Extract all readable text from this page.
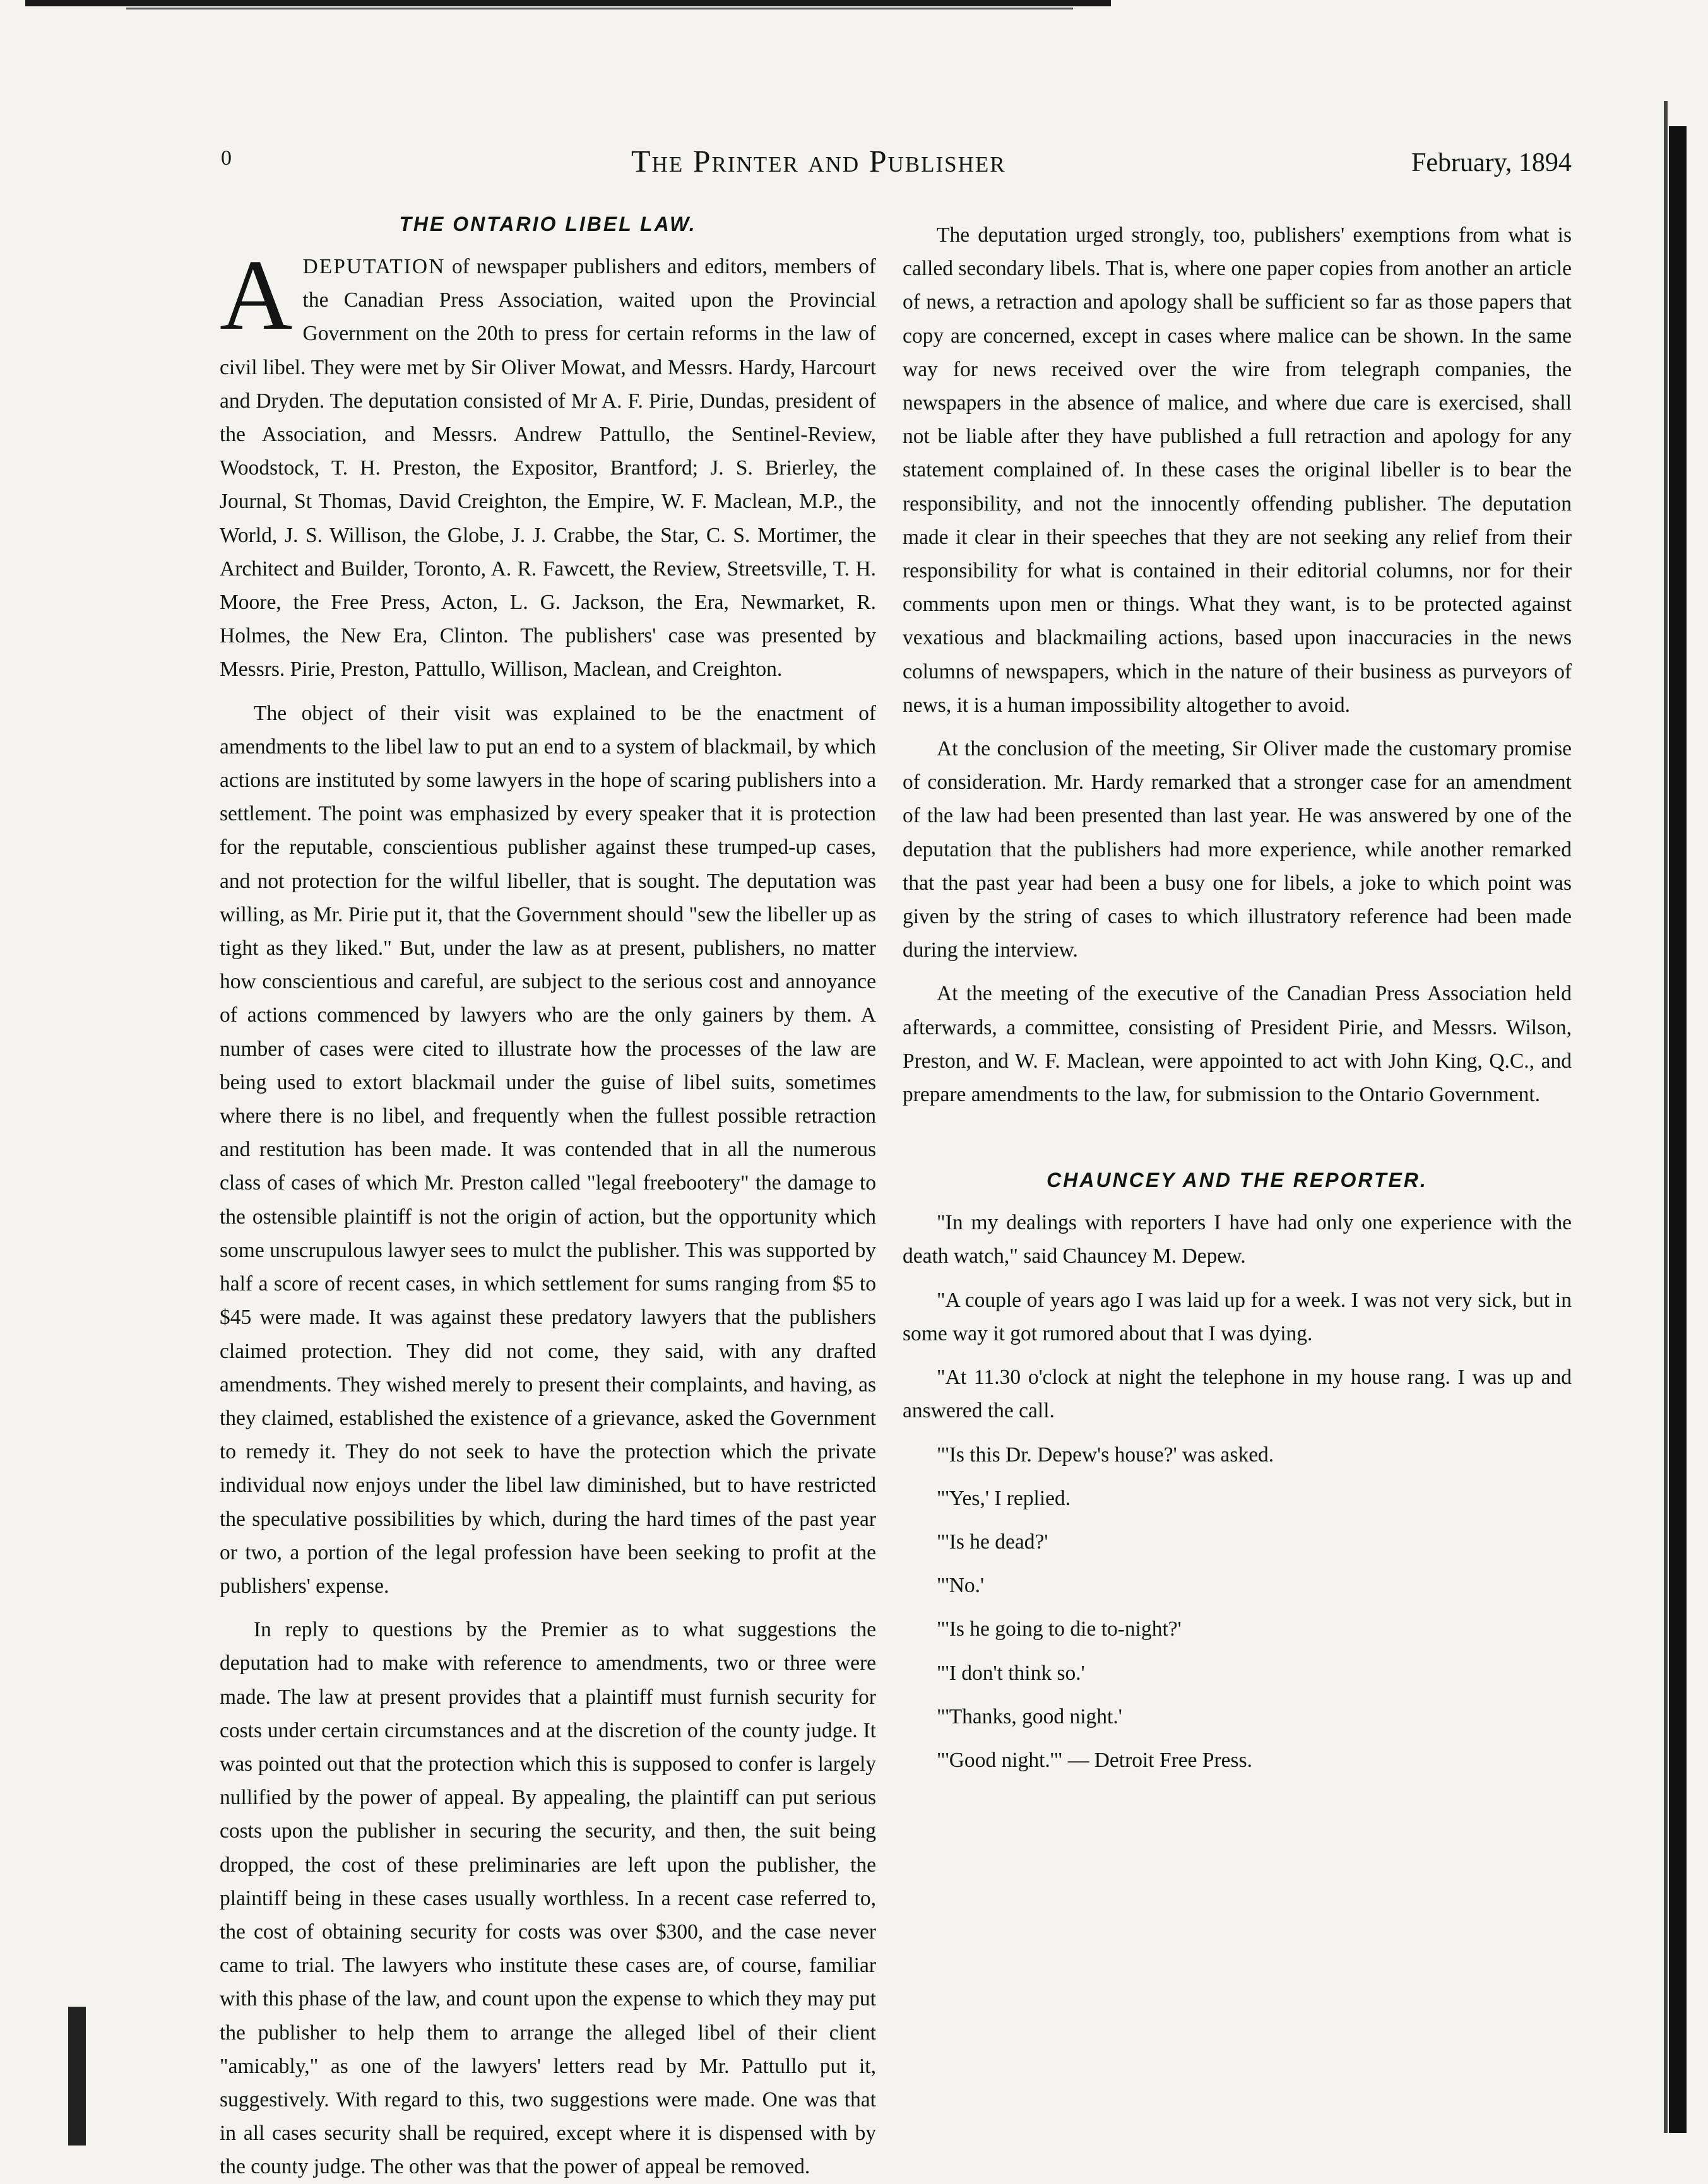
0	The Printer and Publisher	February, 1894
THE ONTARIO LIBEL LAW.

ADEPUTATION of newspaper publishers and editors, members of the Canadian Press Association, waited upon the Provincial Government on the 20th to press for certain reforms in the law of civil libel. They were met by Sir Oliver Mowat, and Messrs. Hardy, Harcourt and Dryden. The deputation consisted of Mr A. F. Pirie, Dundas, president of the Association, and Messrs. Andrew Pattullo, the Sentinel-Review, Woodstock, T. H. Preston, the Expositor, Brantford; J. S. Brierley, the Journal, St Thomas, David Creighton, the Empire, W. F. Maclean, M.P., the World, J. S. Willison, the Globe, J. J. Crabbe, the Star, C. S. Mortimer, the Architect and Builder, Toronto, A. R. Fawcett, the Review, Streetsville, T. H. Moore, the Free Press, Acton, L. G. Jackson, the Era, Newmarket, R. Holmes, the New Era, Clinton. The publishers' case was presented by Messrs. Pirie, Preston, Pattullo, Willison, Maclean, and Creighton.

The object of their visit was explained to be the enactment of amendments to the libel law to put an end to a system of blackmail, by which actions are instituted by some lawyers in the hope of scaring publishers into a settlement. The point was emphasized by every speaker that it is protection for the reputable, conscientious publisher against these trumped-up cases, and not protection for the wilful libeller, that is sought. The deputation was willing, as Mr. Pirie put it, that the Government should "sew the libeller up as tight as they liked." But, under the law as at present, publishers, no matter how conscientious and careful, are subject to the serious cost and annoyance of actions commenced by lawyers who are the only gainers by them. A number of cases were cited to illustrate how the processes of the law are being used to extort blackmail under the guise of libel suits, sometimes where there is no libel, and frequently when the fullest possible retraction and restitution has been made. It was contended that in all the numerous class of cases of which Mr. Preston called "legal freebootery" the damage to the ostensible plaintiff is not the origin of action, but the opportunity which some unscrupulous lawyer sees to mulct the publisher. This was supported by half a score of recent cases, in which settlement for sums ranging from $5 to $45 were made. It was against these predatory lawyers that the publishers claimed protection. They did not come, they said, with any drafted amendments. They wished merely to present their complaints, and having, as they claimed, established the existence of a grievance, asked the Government to remedy it. They do not seek to have the protection which the private individual now enjoys under the libel law diminished, but to have restricted the speculative possibilities by which, during the hard times of the past year or two, a portion of the legal profession have been seeking to profit at the publishers' expense.

In reply to questions by the Premier as to what suggestions the deputation had to make with reference to amendments, two or three were made. The law at present provides that a plaintiff must furnish security for costs under certain circumstances and at the discretion of the county judge. It was pointed out that the protection which this is supposed to confer is largely nullified by the power of appeal. By appealing, the plaintiff can put serious costs upon the publisher in securing the security, and then, the suit being dropped, the cost of these preliminaries are left upon the publisher, the plaintiff being in these cases usually worthless. In a recent case referred to, the cost of obtaining security for costs was over $300, and the case never came to trial. The lawyers who institute these cases are, of course, familiar with this phase of the law, and count upon the expense to which they may put the publisher to help them to arrange the alleged libel of their client "amicably," as one of the lawyers' letters read by Mr. Pattullo put it, suggestively. With regard to this, two suggestions were made. One was that in all cases security shall be required, except where it is dispensed with by the county judge. The other was that the power of appeal be removed.

The deputation urged strongly, too, publishers' exemptions from what is called secondary libels. That is, where one paper copies from another an article of news, a retraction and apology shall be sufficient so far as those papers that copy are concerned, except in cases where malice can be shown. In the same way for news received over the wire from telegraph companies, the newspapers in the absence of malice, and where due care is exercised, shall not be liable after they have published a full retraction and apology for any statement complained of. In these cases the original libeller is to bear the responsibility, and not the innocently offending publisher. The deputation made it clear in their speeches that they are not seeking any relief from their responsibility for what is contained in their editorial columns, nor for their comments upon men or things. What they want, is to be protected against vexatious and blackmailing actions, based upon inaccuracies in the news columns of newspapers, which in the nature of their business as purveyors of news, it is a human impossibility altogether to avoid.

At the conclusion of the meeting, Sir Oliver made the customary promise of consideration. Mr. Hardy remarked that a stronger case for an amendment of the law had been presented than last year. He was answered by one of the deputation that the publishers had more experience, while another remarked that the past year had been a busy one for libels, a joke to which point was given by the string of cases to which illustratory reference had been made during the interview.

At the meeting of the executive of the Canadian Press Association held afterwards, a committee, consisting of President Pirie, and Messrs. Wilson, Preston, and W. F. Maclean, were appointed to act with John King, Q.C., and prepare amendments to the law, for submission to the Ontario Government.

CHAUNCEY AND THE REPORTER.

"In my dealings with reporters I have had only one experience with the death watch," said Chauncey M. Depew.

"A couple of years ago I was laid up for a week. I was not very sick, but in some way it got rumored about that I was dying.

"At 11.30 o'clock at night the telephone in my house rang. I was up and answered the call.

"'Is this Dr. Depew's house?' was asked.

"'Yes,' I replied.

"'Is he dead?'

"'No.'

"'Is he going to die to-night?'

"'I don't think so.'

"'Thanks, good night.'

"'Good night.'" — Detroit Free Press.
